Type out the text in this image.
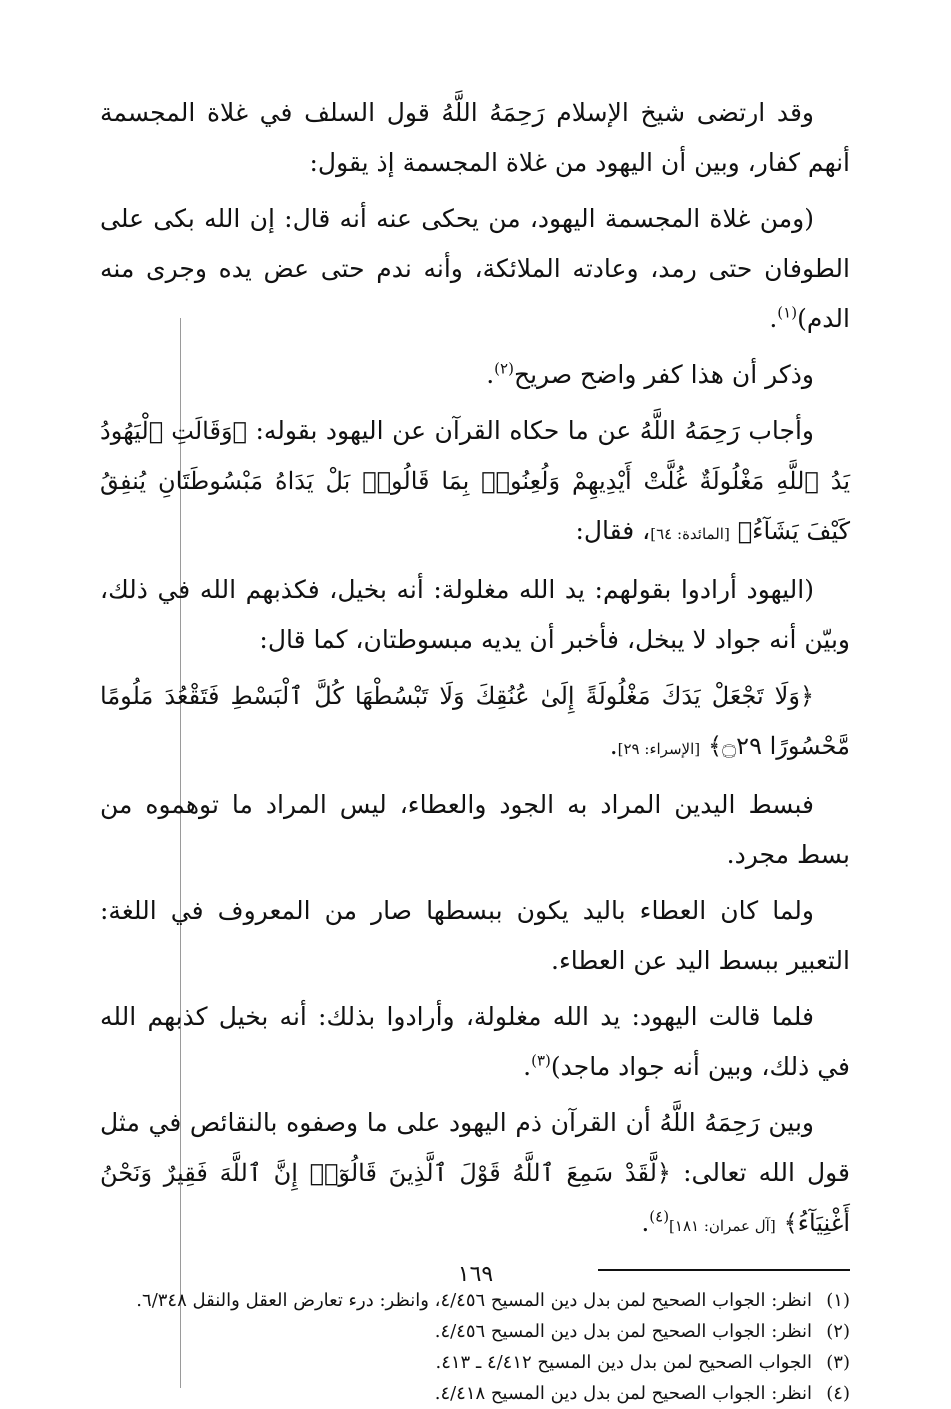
وقد ارتضى شيخ الإسلام رَحِمَهُ اللَّهُ قول السلف في غلاة المجسمة أنهم كفار، وبين أن اليهود من غلاة المجسمة إذ يقول:

(ومن غلاة المجسمة اليهود، من يحكى عنه أنه قال: إن الله بكى على الطوفان حتى رمد، وعادته الملائكة، وأنه ندم حتى عض يده وجرى منه الدم)$^{(١)}$.

وذكر أن هذا كفر واضح صريح$^{(٢)}$.

وأجاب رَحِمَهُ اللَّهُ عن ما حكاه القرآن عن اليهود بقوله: ﴿وَقَالَتِ ٱلْيَهُودُ يَدُ ٱللَّهِ مَغْلُولَةٌ غُلَّتْ أَيْدِيهِمْ وَلُعِنُوا۟ بِمَا قَالُوا۟ بَلْ يَدَاهُ مَبْسُوطَتَانِ يُنفِقُ كَيْفَ يَشَآءُ﴾ [المائدة: ٦٤]، فقال:

(اليهود أرادوا بقولهم: يد الله مغلولة: أنه بخيل، فكذبهم الله في ذلك، وبيّن أنه جواد لا يبخل، فأخبر أن يديه مبسوطتان، كما قال:

﴿وَلَا تَجْعَلْ يَدَكَ مَغْلُولَةً إِلَىٰ عُنُقِكَ وَلَا تَبْسُطْهَا كُلَّ ٱلْبَسْطِ فَتَقْعُدَ مَلُومًا مَّحْسُورًا ۝٢٩﴾ [الإسراء: ٢٩].

فبسط اليدين المراد به الجود والعطاء، ليس المراد ما توهموه من بسط مجرد.

ولما كان العطاء باليد يكون ببسطها صار من المعروف في اللغة: التعبير ببسط اليد عن العطاء.

فلما قالت اليهود: يد الله مغلولة، وأرادوا بذلك: أنه بخيل كذبهم الله في ذلك، وبين أنه جواد ماجد)$^{(٣)}$.

وبين رَحِمَهُ اللَّهُ أن القرآن ذم اليهود على ما وصفوه بالنقائص في مثل قول الله تعالى: ﴿لَّقَدْ سَمِعَ ٱللَّهُ قَوْلَ ٱلَّذِينَ قَالُوٓا۟ إِنَّ ٱللَّهَ فَقِيرٌ وَنَحْنُ أَغْنِيَآءُ﴾ [آل عمران: ١٨١]$^{(٤)}$.

(١)
انظر: الجواب الصحيح لمن بدل دين المسيح ٤/٤٥٦، وانظر: درء تعارض العقل والنقل ٦/٣٤٨.
(٢)
انظر: الجواب الصحيح لمن بدل دين المسيح ٤/٤٥٦.
(٣)
الجواب الصحيح لمن بدل دين المسيح ٤/٤١٢ ـ ٤١٣.
(٤)
انظر: الجواب الصحيح لمن بدل دين المسيح ٤/٤١٨.
١٦٩
